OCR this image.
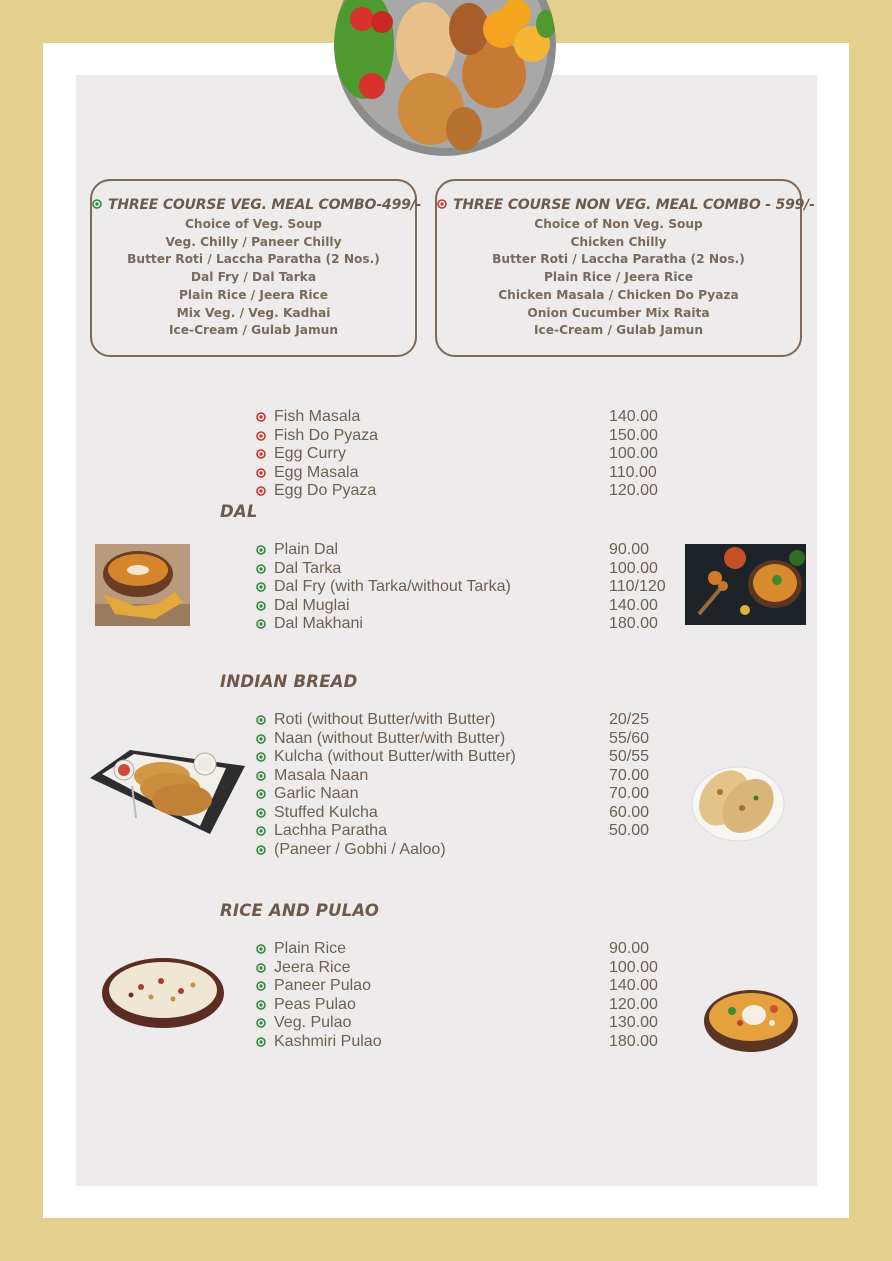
THREE COURSE VEG. MEAL COMBO-499/-
Choice of Veg. Soup
Veg. Chilly / Paneer Chilly
Butter Roti / Laccha Paratha (2 Nos.)
Dal Fry / Dal Tarka
Plain Rice / Jeera Rice
Mix Veg. / Veg. Kadhai
Ice-Cream / Gulab Jamun
THREE COURSE NON VEG. MEAL COMBO - 599/-
Choice of Non Veg. Soup
Chicken Chilly
Butter Roti / Laccha Paratha (2 Nos.)
Plain Rice / Jeera Rice
Chicken Masala / Chicken Do Pyaza
Onion Cucumber Mix Raita
Ice-Cream / Gulab Jamun
Fish Masala	140.00
Fish Do Pyaza	150.00
Egg Curry	100.00
Egg Masala	110.00
Egg Do Pyaza	120.00
DAL
Plain Dal	90.00
Dal Tarka	100.00
Dal Fry (with Tarka/without Tarka)	110/120
Dal Muglai	140.00
Dal Makhani	180.00
INDIAN BREAD
Roti (without Butter/with Butter)	20/25
Naan (without Butter/with Butter)	55/60
Kulcha (without Butter/with Butter)	50/55
Masala Naan	70.00
Garlic Naan	70.00
Stuffed Kulcha	60.00
Lachha Paratha	50.00
(Paneer / Gobhi / Aaloo)
RICE AND PULAO
Plain Rice	90.00
Jeera Rice	100.00
Paneer Pulao	140.00
Peas Pulao	120.00
Veg. Pulao	130.00
Kashmiri Pulao	180.00
